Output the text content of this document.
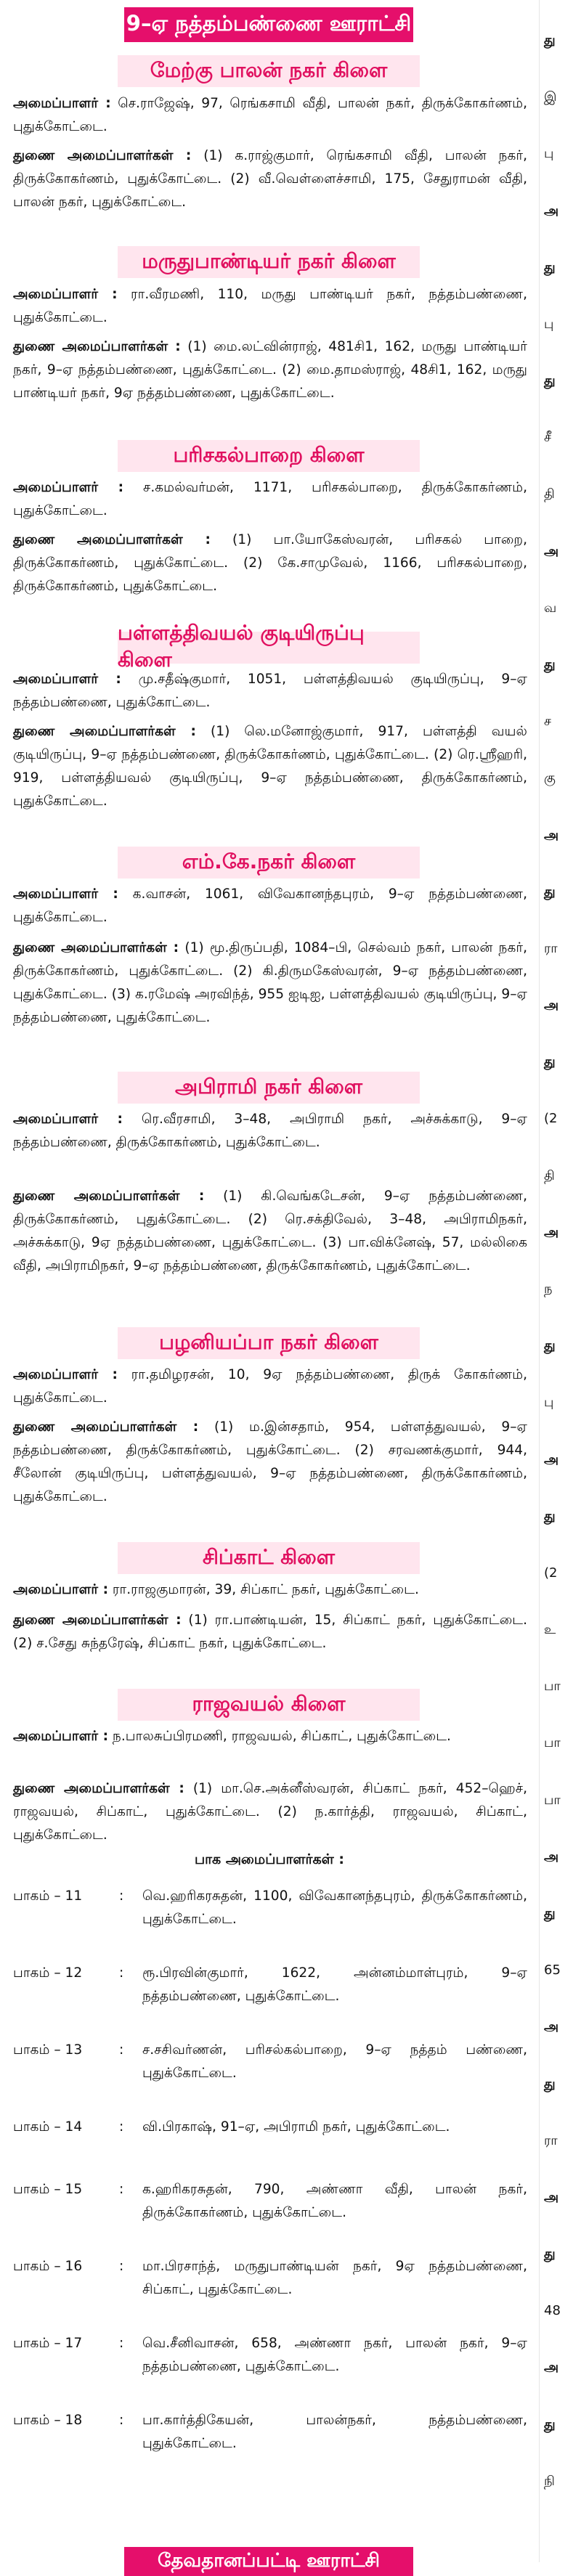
9–ஏ நத்தம்பண்ணை ஊராட்சி
மேற்கு பாலன் நகர் கிளை

அமைப்பாளர் : செ.ராஜேஷ், 97, ரெங்கசாமி வீதி, பாலன் நகர், திருக்கோகர்ணம், புதுக்கோட்டை.

துணை அமைப்பாளர்கள் : (1) க.ராஜ்குமார், ரெங்கசாமி வீதி, பாலன் நகர், திருக்கோகர்ணம், புதுக்கோட்டை. (2) வீ.வெள்ளைச்சாமி, 175, சேதுராமன் வீதி, பாலன் நகர், புதுக்கோட்டை.

மருதுபாண்டியர் நகர் கிளை

அமைப்பாளர் : ரா.வீரமணி, 110, மருது பாண்டியர் நகர், நத்தம்பண்ணை, புதுக்கோட்டை.

துணை அமைப்பாளர்கள் : (1) மை.லட்வின்ராஜ், 481சி1, 162, மருது பாண்டியர் நகர், 9–ஏ நத்தம்பண்ணை, புதுக்கோட்டை. (2) மை.தாமஸ்ராஜ், 48சி1, 162, மருது பாண்டியர் நகர், 9ஏ நத்தம்பண்ணை, புதுக்கோட்டை.

பரிசகல்பாறை கிளை

அமைப்பாளர் : ச.கமல்வர்மன், 1171, பரிசகல்பாறை, திருக்கோகர்ணம், புதுக்கோட்டை.

துணை அமைப்பாளர்கள் : (1) பா.யோகேஸ்வரன், பரிசகல் பாறை, திருக்கோகர்ணம், புதுக்கோட்டை. (2) கே.சாமுவேல், 1166, பரிசகல்பாறை, திருக்கோகர்ணம், புதுக்கோட்டை.

பள்ளத்திவயல் குடியிருப்பு கிளை

அமைப்பாளர் : மு.சதீஷ்குமார், 1051, பள்ளத்திவயல் குடியிருப்பு, 9–ஏ நத்தம்பண்ணை, புதுக்கோட்டை.

துணை அமைப்பாளர்கள் : (1) லெ.மனோஜ்குமார், 917, பள்ளத்தி வயல் குடியிருப்பு, 9–ஏ நத்தம்பண்ணை, திருக்கோகர்ணம், புதுக்கோட்டை. (2) ரெ.ஸ்ரீஹரி, 919, பள்ளத்தியவல் குடியிருப்பு, 9–ஏ நத்தம்பண்ணை, திருக்கோகர்ணம், புதுக்கோட்டை.

எம்.கே.நகர் கிளை

அமைப்பாளர் : க.வாசன், 1061, விவேகானந்தபுரம், 9–ஏ நத்தம்பண்ணை, புதுக்கோட்டை.

துணை அமைப்பாளர்கள் : (1) மூ.திருப்பதி, 1084–பி, செல்வம் நகர், பாலன் நகர், திருக்கோகர்ணம், புதுக்கோட்டை. (2) கி.திருமகேஸ்வரன், 9–ஏ நத்தம்பண்ணை, புதுக்கோட்டை. (3) க.ரமேஷ் அரவிந்த், 955 ஐடிஐ, பள்ளத்திவயல் குடியிருப்பு, 9–ஏ நத்தம்பண்ணை, புதுக்கோட்டை.

அபிராமி நகர் கிளை

அமைப்பாளர் : ரெ.வீரசாமி, 3–48, அபிராமி நகர், அச்சுக்காடு, 9–ஏ நத்தம்பண்ணை, திருக்கோகர்ணம், புதுக்கோட்டை.

துணை அமைப்பாளர்கள் : (1) கி.வெங்கடேசன், 9–ஏ நத்தம்பண்ணை, திருக்கோகர்ணம், புதுக்கோட்டை. (2) ரெ.சக்திவேல், 3–48, அபிராமிநகர், அச்சுக்காடு, 9ஏ நத்தம்பண்ணை, புதுக்கோட்டை. (3) பா.விக்னேஷ், 57, மல்லிகை வீதி, அபிராமிநகர், 9–ஏ நத்தம்பண்ணை, திருக்கோகர்ணம், புதுக்கோட்டை.

பழனியப்பா நகர் கிளை

அமைப்பாளர் : ரா.தமிழரசன், 10, 9ஏ நத்தம்பண்ணை, திருக் கோகர்ணம், புதுக்கோட்டை.

துணை அமைப்பாளர்கள் : (1) ம.இன்சதாம், 954, பள்ளத்துவயல், 9–ஏ நத்தம்பண்ணை, திருக்கோகர்ணம், புதுக்கோட்டை. (2) சரவணக்குமார், 944, சீலோன் குடியிருப்பு, பள்ளத்துவயல், 9–ஏ நத்தம்பண்ணை, திருக்கோகர்ணம், புதுக்கோட்டை.

சிப்காட் கிளை

அமைப்பாளர் : ரா.ராஜகுமாரன், 39, சிப்காட் நகர், புதுக்கோட்டை.

துணை அமைப்பாளர்கள் : (1) ரா.பாண்டியன், 15, சிப்காட் நகர், புதுக்கோட்டை. (2) ச.சேது சுந்தரேஷ், சிப்காட் நகர், புதுக்கோட்டை.

ராஜவயல் கிளை

அமைப்பாளர் : ந.பாலசுப்பிரமணி, ராஜவயல், சிப்காட், புதுக்கோட்டை.

துணை அமைப்பாளர்கள் : (1) மா.செ.அக்னீஸ்வரன், சிப்காட் நகர், 452–ஹெச், ராஜவயல், சிப்காட், புதுக்கோட்டை. (2) ந.கார்த்தி, ராஜவயல், சிப்காட், புதுக்கோட்டை.

பாக அமைப்பாளர்கள் :
பாகம் – 11	:	வெ.ஹரிகரசுதன், 1100, விவேகானந்தபுரம், திருக்கோகர்ணம், புதுக்கோட்டை.
பாகம் – 12	:	ரூ.பிரவின்குமார், 1622, அன்னம்மாள்புரம், 9–ஏ நத்தம்பண்ணை, புதுக்கோட்டை.
பாகம் – 13	:	ச.சசிவர்ணன், பரிசல்கல்பாறை, 9–ஏ நத்தம் பண்ணை, புதுக்கோட்டை.
பாகம் – 14	:	வி.பிரகாஷ், 91–ஏ, அபிராமி நகர், புதுக்கோட்டை.
பாகம் – 15	:	க.ஹரிகரசுதன், 790, அண்ணா வீதி, பாலன் நகர், திருக்கோகர்ணம், புதுக்கோட்டை.
பாகம் – 16	:	மா.பிரசாந்த், மருதுபாண்டியன் நகர், 9ஏ நத்தம்பண்ணை, சிப்காட், புதுக்கோட்டை.
பாகம் – 17	:	வெ.சீனிவாசன், 658, அண்ணா நகர், பாலன் நகர், 9–ஏ நத்தம்பண்ணை, புதுக்கோட்டை.
பாகம் – 18	:	பா.கார்த்திகேயன், பாலன்நகர், நத்தம்பண்ணை, புதுக்கோட்டை.
தேவதானப்பட்டி ஊராட்சி
து
இ
பு
அ
து
பு
து
சீ
தி
அ
வ
து
ச
கு
அ
து
ரா
அ
து
(2
தி
அ
ந
து
பு
அ
து
(2
உ
பா
பா
பா
அ
து
65
அ
து
ரா
அ
து
48
அ
து
நி
